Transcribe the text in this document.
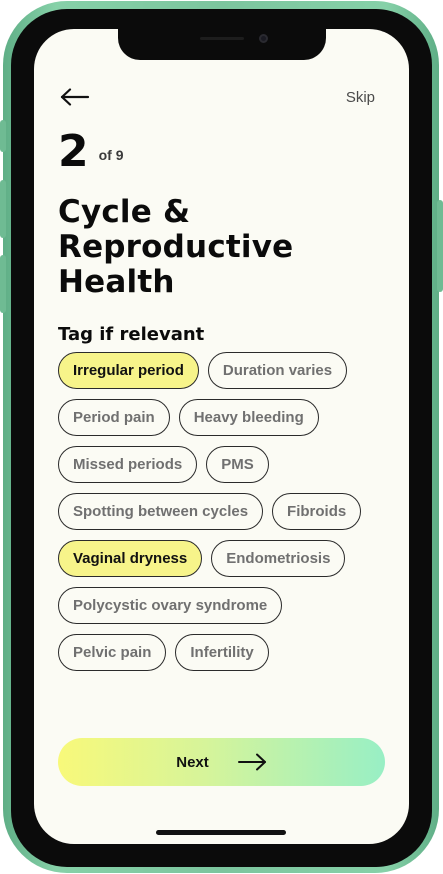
Skip
2 of 9
Cycle &
Reproductive
Health
Tag if relevant
Irregular period	Duration varies
Period pain	Heavy bleeding
Missed periods	PMS
Spotting between cycles	Fibroids
Vaginal dryness	Endometriosis
Polycystic ovary syndrome
Pelvic pain	Infertility
Next
